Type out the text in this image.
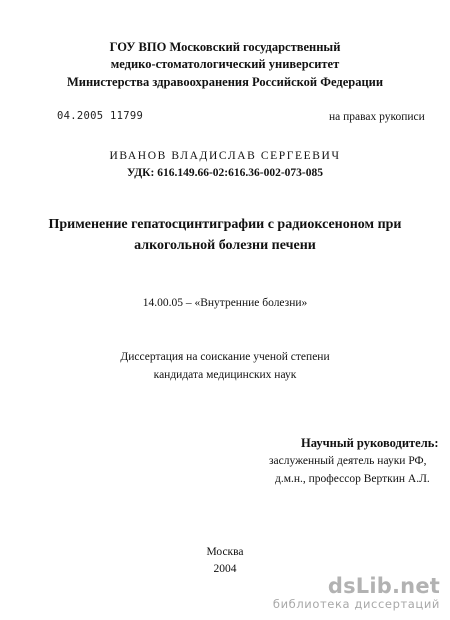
ГОУ ВПО Московский государственный
медико-стоматологический университет
Министерства здравоохранения Российской Федерации
04.2005 11799	на правах рукописи
ИВАНОВ ВЛАДИСЛАВ СЕРГЕЕВИЧ
УДК: 616.149.66-02:616.36-002-073-085
Применение гепатосцинтиграфии с радиоксеноном при
алкогольной болезни печени
14.00.05 – «Внутренние болезни»
Диссертация на соискание ученой степени
кандидата медицинских наук
Научный руководитель:
заслуженный деятель науки РФ,
д.м.н., профессор Верткин А.Л.
Москва
2004
dsLib.net
библиотека диссертаций
